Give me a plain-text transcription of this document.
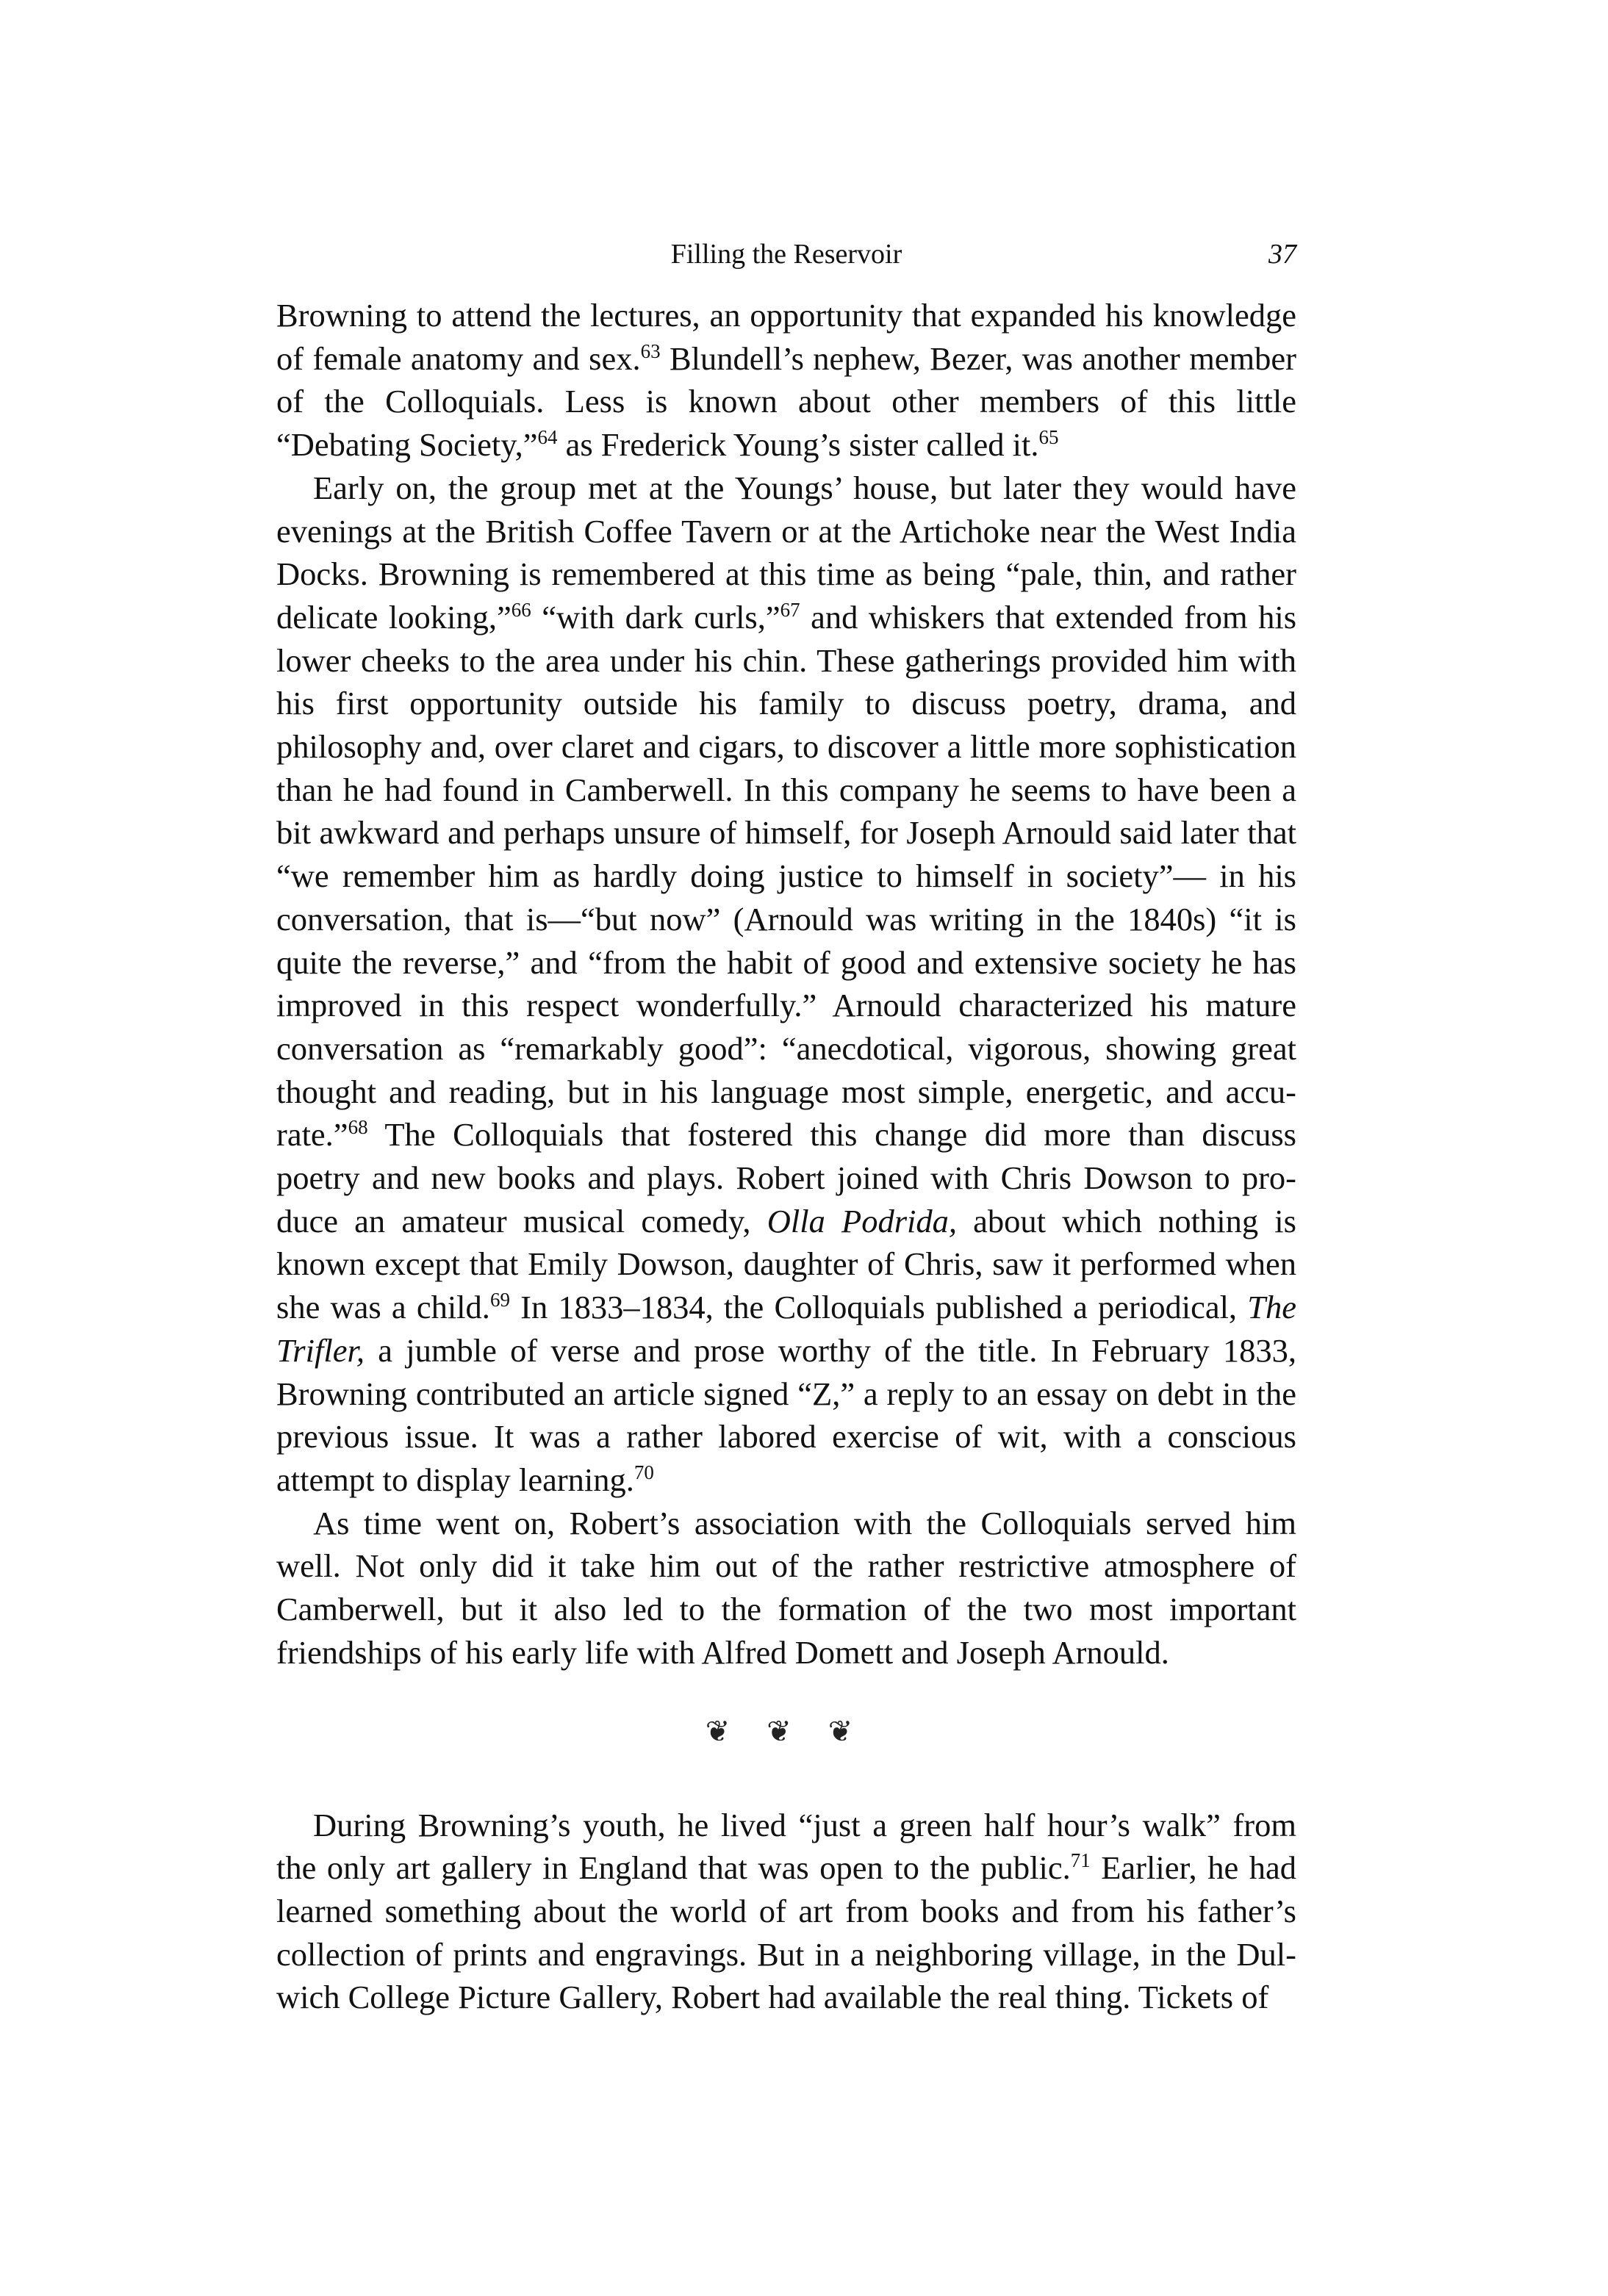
Filling the Reservoir	37

Browning to attend the lectures, an opportunity that expanded his knowledge of female anatomy and sex.$^{63}$ Blundell’s nephew, Bezer, was another member of the Colloquials. Less is known about other members of this little “Debating Society,”$^{64}$ as Frederick Young’s sister called it.$^{65}$

Early on, the group met at the Youngs’ house, but later they would have evenings at the British Coffee Tavern or at the Artichoke near the West India Docks. Browning is remembered at this time as being “pale, thin, and rather delicate looking,”$^{66}$ “with dark curls,”$^{67}$ and whiskers that extended from his lower cheeks to the area under his chin. These gatherings provided him with his first opportunity outside his family to discuss poetry, drama, and philosophy and, over claret and cigars, to discover a little more sophistication than he had found in Camberwell. In this company he seems to have been a bit awkward and perhaps unsure of himself, for Joseph Arnould said later that “we remember him as hardly doing justice to himself in society”— in his conversation, that is—“but now” (Arnould was writing in the 1840s) “it is quite the reverse,” and “from the habit of good and extensive society he has improved in this respect wonderfully.” Arnould characterized his mature conversation as “remarkably good”: “anecdotical, vigorous, showing great thought and reading, but in his language most simple, energetic, and accurate.”$^{68}$ The Colloquials that fostered this change did more than discuss poetry and new books and plays. Robert joined with Chris Dowson to produce an amateur musical comedy, Olla Podrida, about which nothing is known except that Emily Dowson, daughter of Chris, saw it performed when she was a child.$^{69}$ In 1833–1834, the Colloquials published a periodical, The Trifler, a jumble of verse and prose worthy of the title. In February 1833, Browning contributed an article signed “Z,” a reply to an essay on debt in the previous issue. It was a rather labored exercise of wit, with a conscious attempt to display learning.$^{70}$

As time went on, Robert’s association with the Colloquials served him well. Not only did it take him out of the rather restrictive atmosphere of Camberwell, but it also led to the formation of the two most important friendships of his early life with Alfred Domett and Joseph Arnould.

❦ ❦ ❦

During Browning’s youth, he lived “just a green half hour’s walk” from the only art gallery in England that was open to the public.$^{71}$ Earlier, he had learned something about the world of art from books and from his father’s collection of prints and engravings. But in a neighboring village, in the Dulwich College Picture Gallery, Robert had available the real thing. Tickets of
